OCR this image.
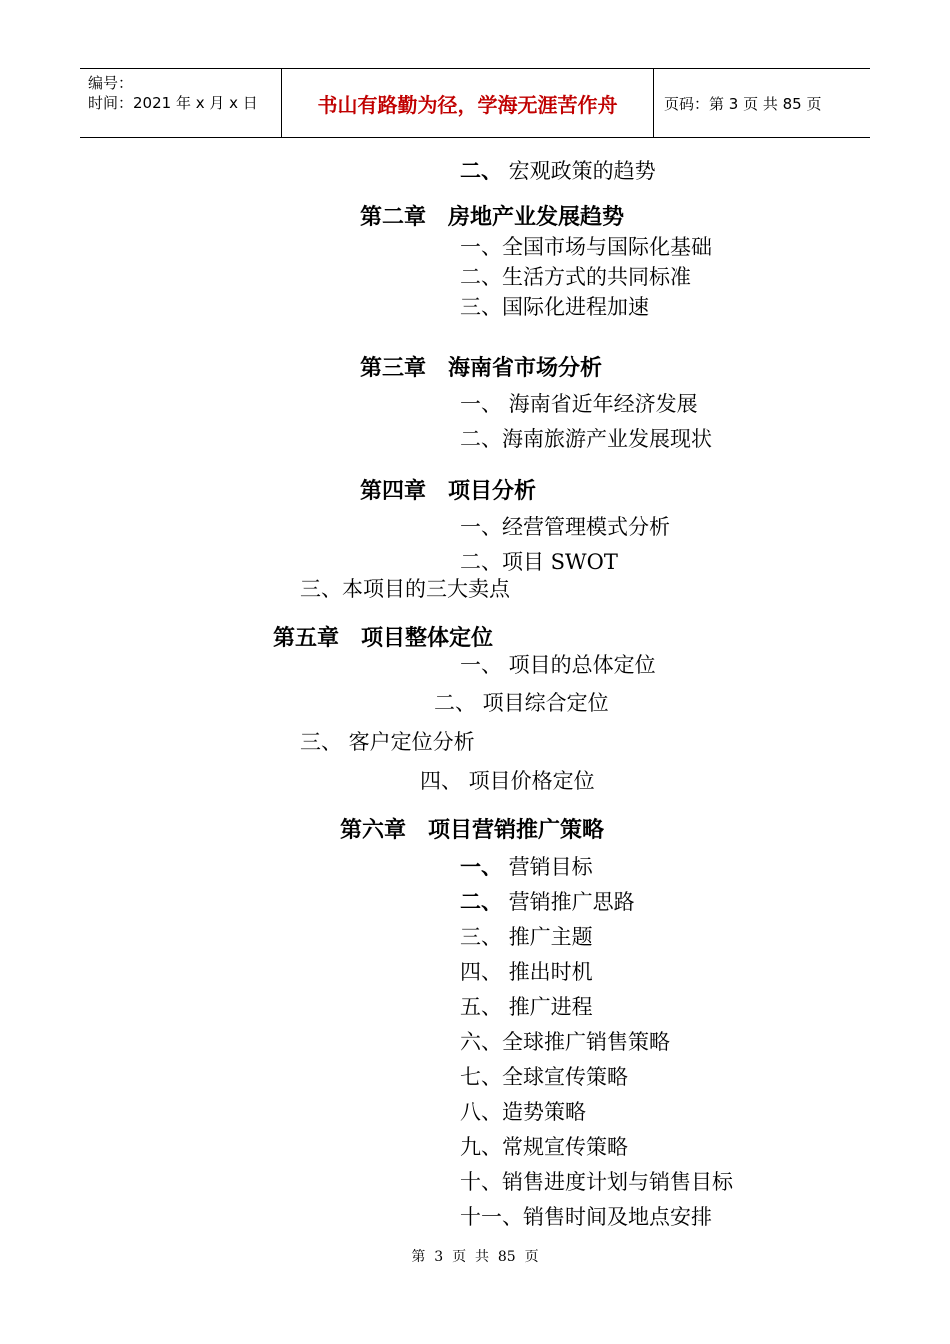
编号：
时间：2021 年 x 月 x 日	书山有路勤为径，学海无涯苦作舟	页码：第 3 页 共 85 页
二、 宏观政策的趋势
第二章　房地产业发展趋势
一、全国市场与国际化基础
二、生活方式的共同标准
三、国际化进程加速
第三章　海南省市场分析
一、 海南省近年经济发展
二、海南旅游产业发展现状
第四章　项目分析
一、经营管理模式分析
二、项目 SWOT
三、本项目的三大卖点
第五章　项目整体定位
一、 项目的总体定位
二、 项目综合定位
三、 客户定位分析
四、 项目价格定位
第六章　项目营销推广策略
一、 营销目标
二、 营销推广思路
三、 推广主题
四、 推出时机
五、 推广进程
六、全球推广销售策略
七、全球宣传策略
八、造势策略
九、常规宣传策略
十、销售进度计划与销售目标
十一、销售时间及地点安排
第  3  页  共  85  页
